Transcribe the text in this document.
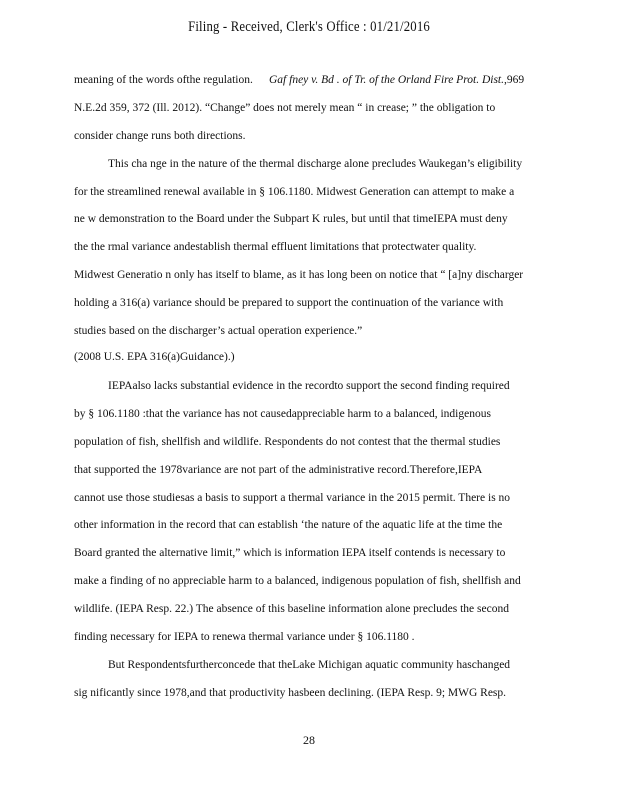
Filing - Received, Clerk's Office : 01/21/2016
meaning of the words ofthe regulation. Gaf fney v. Bd . of Tr. of the Orland Fire Prot. Dist.,969
N.E.2d 359, 372 (Ill. 2012). “Change” does not merely mean “ in crease; ” the obligation to
consider change runs both directions.
This cha nge in the nature of the thermal discharge alone precludes Waukegan’s eligibility
for the streamlined renewal available in § 106.1180. Midwest Generation can attempt to make a
ne w demonstration to the Board under the Subpart K rules, but until that timeIEPA must deny
the the rmal variance andestablish thermal effluent limitations that protectwater quality.
Midwest Generatio n only has itself to blame, as it has long been on notice that “ [a]ny discharger
holding a 316(a) variance should be prepared to support the continuation of the variance with
studies based on the discharger’s actual operation experience.”
(2008 U.S. EPA 316(a)Guidance).)
IEPAalso lacks substantial evidence in the recordto support the second finding required
by § 106.1180 :that the variance has not causedappreciable harm to a balanced, indigenous
population of fish, shellfish and wildlife. Respondents do not contest that the thermal studies
that supported the 1978variance are not part of the administrative record.Therefore,IEPA
cannot use those studiesas a basis to support a thermal variance in the 2015 permit. There is no
other information in the record that can establish ‘the nature of the aquatic life at the time the
Board granted the alternative limit,” which is information IEPA itself contends is necessary to
make a finding of no appreciable harm to a balanced, indigenous population of fish, shellfish and
wildlife. (IEPA Resp. 22.) The absence of this baseline information alone precludes the second
finding necessary for IEPA to renewa thermal variance under § 106.1180 .
But Respondentsfurtherconcede that theLake Michigan aquatic community haschanged
sig nificantly since 1978,and that productivity hasbeen declining. (IEPA Resp. 9; MWG Resp.
28
